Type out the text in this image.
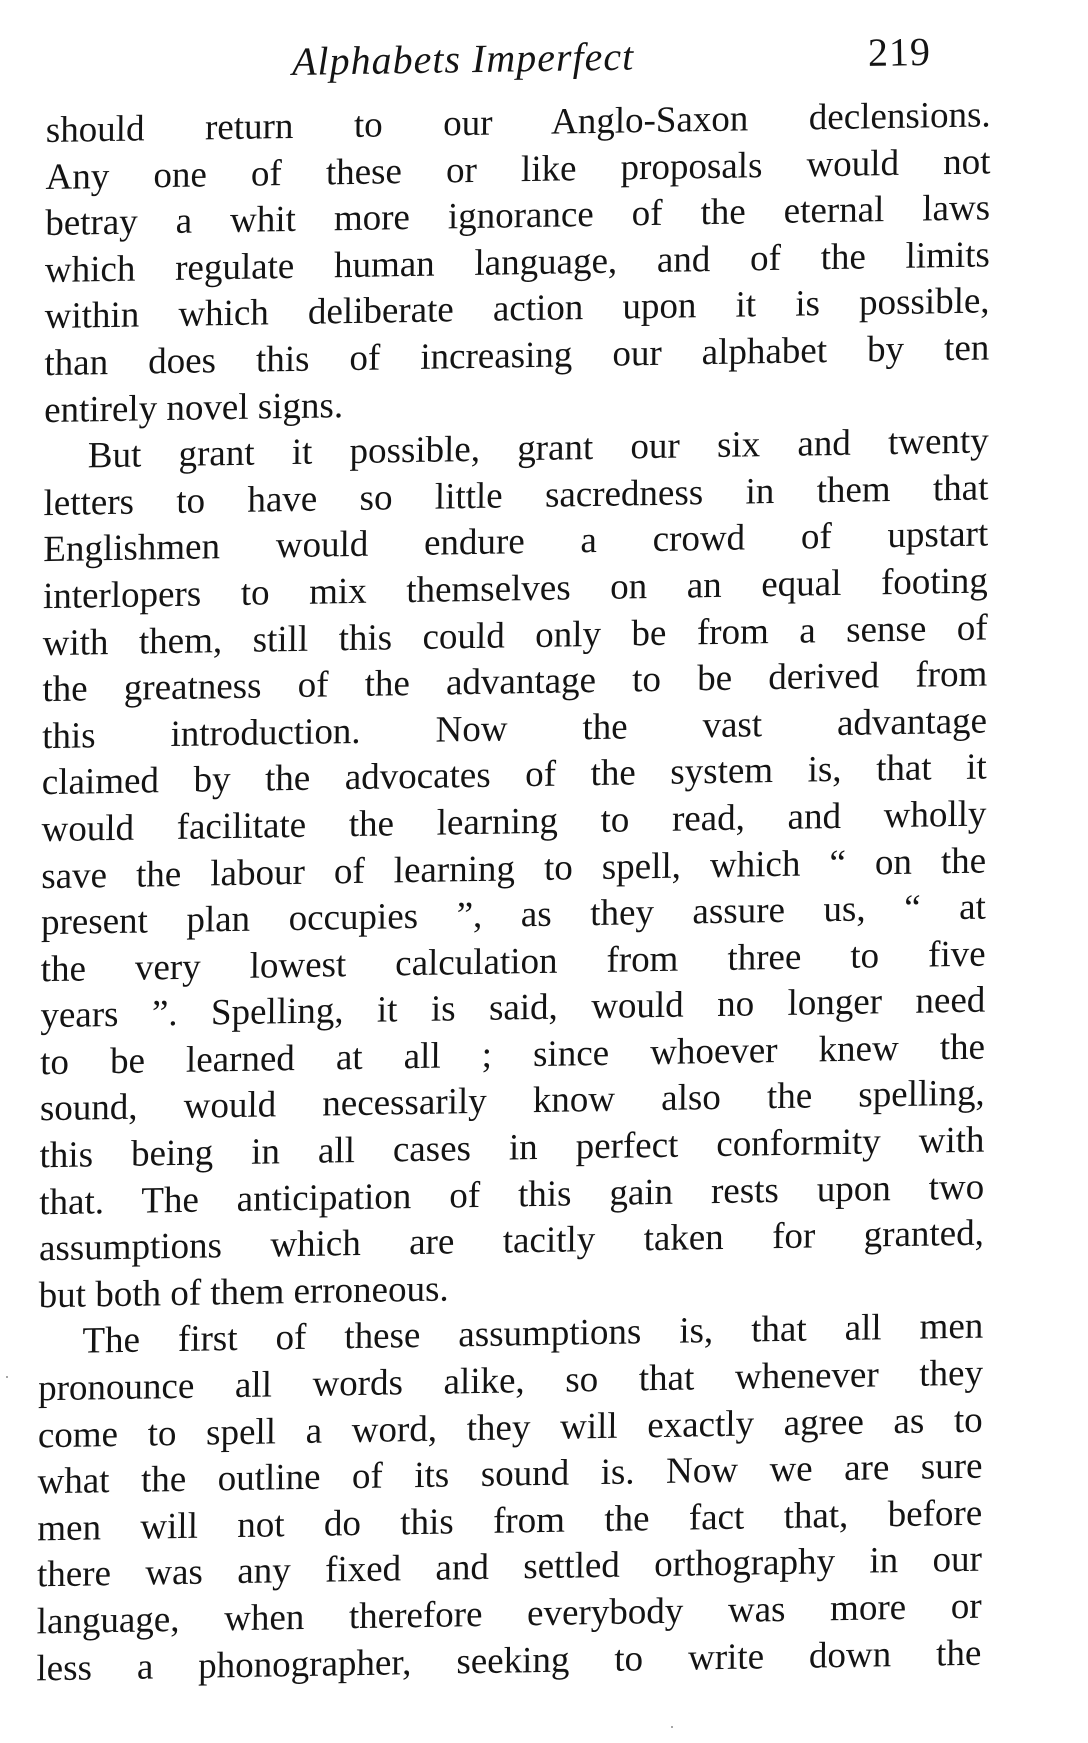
Alphabets Imperfect	219
should return to our Anglo-Saxon declensions.
Any one of these or like proposals would not
betray a whit more ignorance of the eternal laws
which regulate human language, and of the limits
within which deliberate action upon it is possible,
than does this of increasing our alphabet by ten
entirely novel signs.
But grant it possible, grant our six and twenty
letters to have so little sacredness in them that
Englishmen would endure a crowd of upstart
interlopers to mix themselves on an equal footing
with them, still this could only be from a sense of
the greatness of the advantage to be derived from
this introduction. Now the vast advantage
claimed by the advocates of the system is, that it
would facilitate the learning to read, and wholly
save the labour of learning to spell, which “ on the
present plan occupies ”, as they assure us, “ at
the very lowest calculation from three to five
years ”. Spelling, it is said, would no longer need
to be learned at all ; since whoever knew the
sound, would necessarily know also the spelling,
this being in all cases in perfect conformity with
that. The anticipation of this gain rests upon two
assumptions which are tacitly taken for granted,
but both of them erroneous.
The first of these assumptions is, that all men
pronounce all words alike, so that whenever they
come to spell a word, they will exactly agree as to
what the outline of its sound is. Now we are sure
men will not do this from the fact that, before
there was any fixed and settled orthography in our
language, when therefore everybody was more or
less a phonographer, seeking to write down the
